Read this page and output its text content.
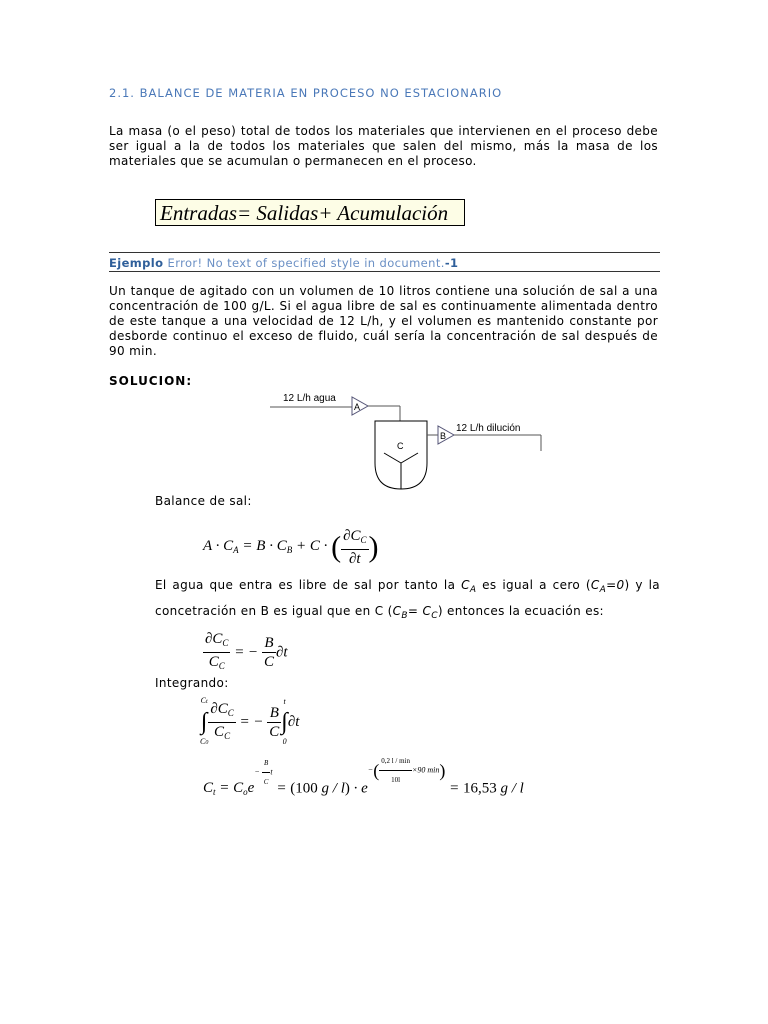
2.1. BALANCE DE MATERIA EN PROCESO NO ESTACIONARIO
La masa (o el peso) total de todos los materiales que intervienen en el proceso debe ser igual a la de todos los materiales que salen del mismo, más la masa de los materiales que se acumulan o permanecen en el proceso.
Entradas= Salidas+ Acumulación
Ejemplo Error! No text of specified style in document.-1
Un tanque de agitado con un volumen de 10 litros contiene una solución de sal a una concentración de 100 g/L. Si el agua libre de sal es continuamente alimentada dentro de este tanque a una velocidad de 12 L/h, y el volumen es mantenido constante por desborde continuo el exceso de fluido, cuál sería la concentración de sal después de 90 min.
SOLUCION:
12 L/h agua
A
C
B
12 L/h dilución
Balance de sal:
$A \cdot C_A = B \cdot C_B + C$ · ( $\frac{\partial C_C}{\partial t}$ )
El agua que entra es libre de sal por tanto la $C_A$ es igual a cero $(C_A=0)$ y la concetración en B es igual que en C $(C_B= C_C)$ entonces la ecuación es:
$\frac{\partial C_C}{C_C}$ = − $\frac{B}{C} \partial t$
Integrando:
Ct
∫
$C0 \frac{\partial C_C}{C_C}$ = − $\frac{B}{C}$
t
∫
0
∂t
$C_t = C_oe- \frac{B}{C}$ t = (100 $g / l) \cdot e-( \frac{0,2 l / \min}{10l} \times 90$ min) = 16,53 g / l
